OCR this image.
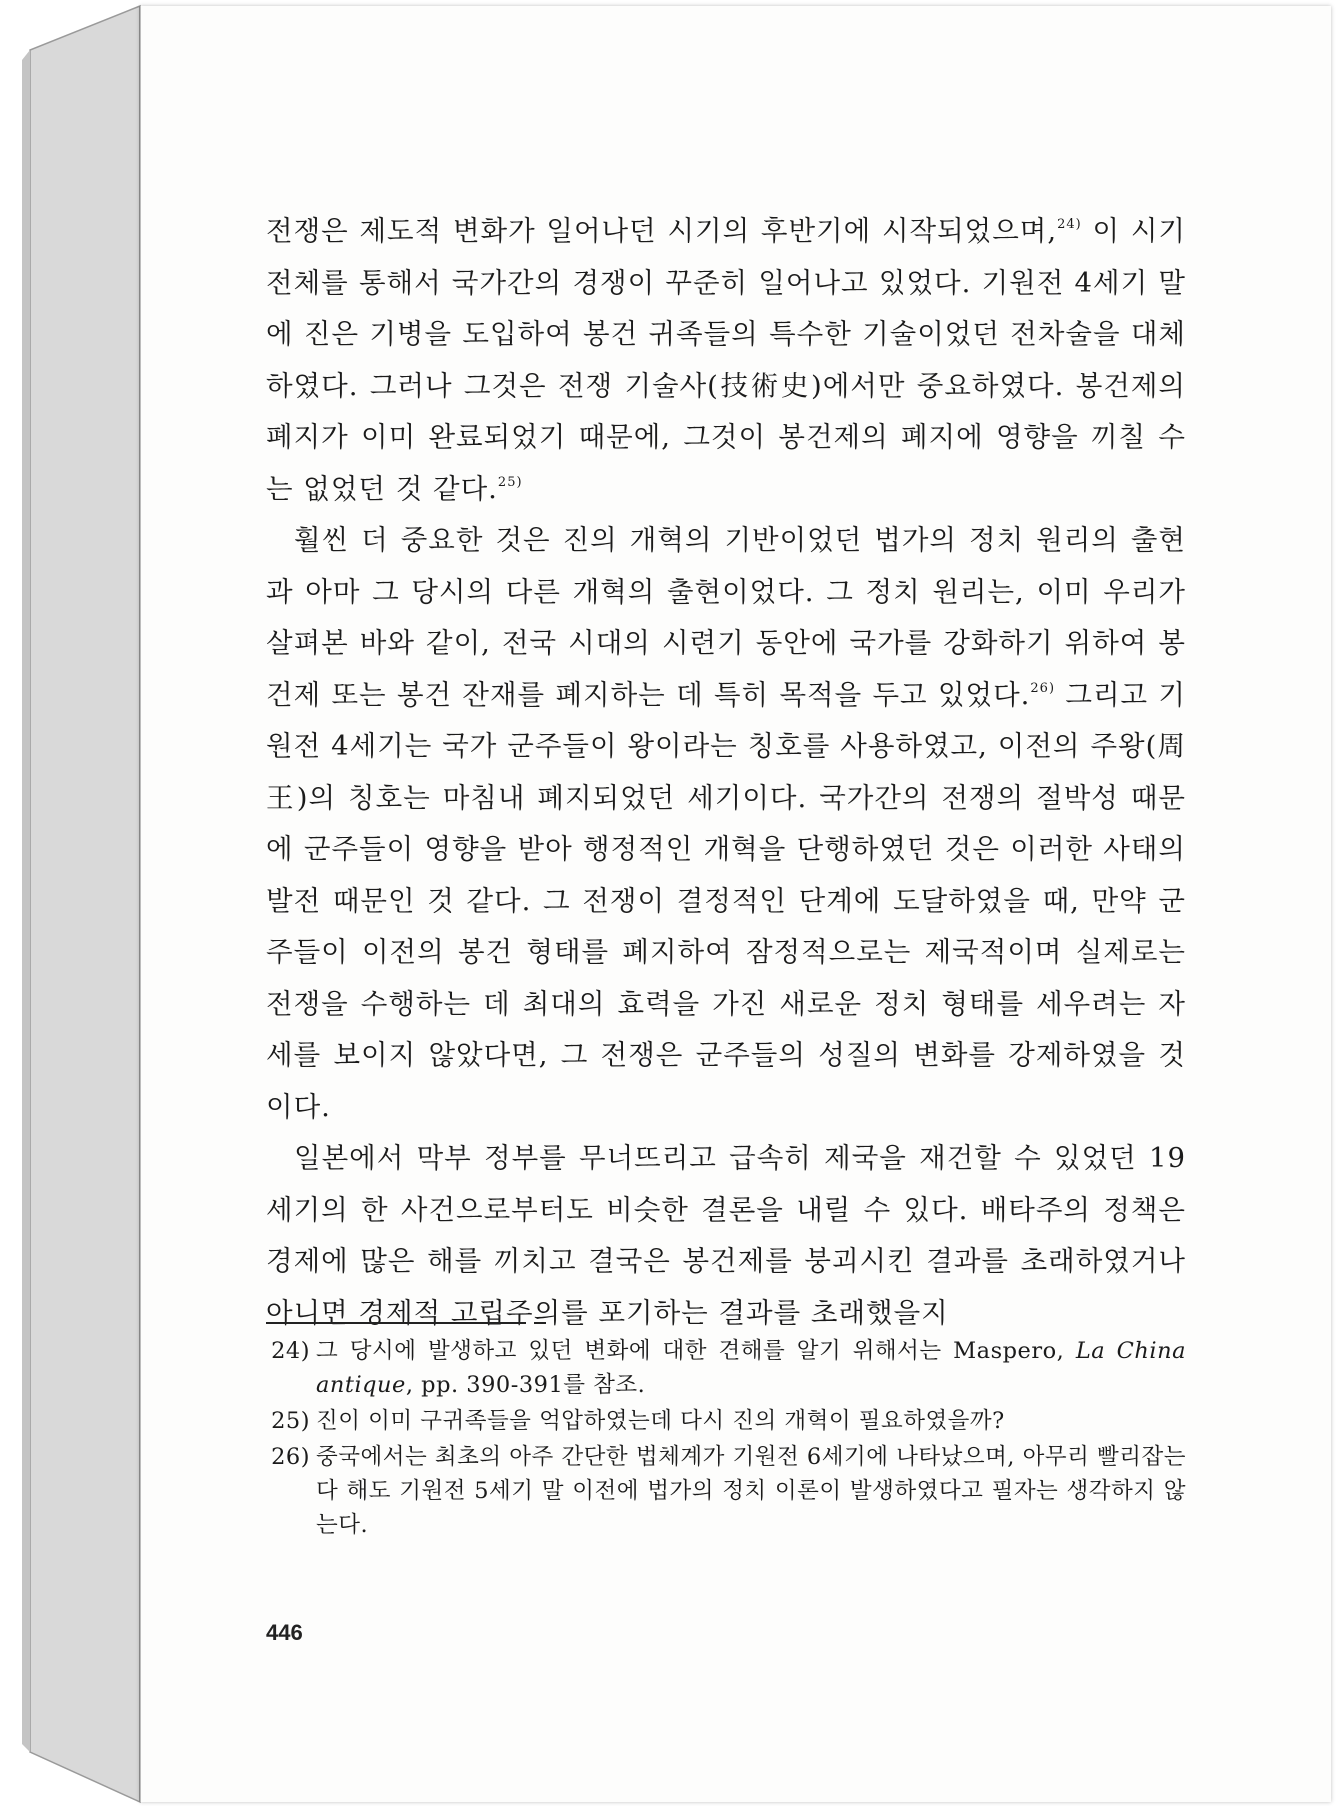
전쟁은 제도적 변화가 일어나던 시기의 후반기에 시작되었으며,$^{24)}$ 이 시기 전체를 통해서 국가간의 경쟁이 꾸준히 일어나고 있었다. 기원전 4세기 말에 진은 기병을 도입하여 봉건 귀족들의 특수한 기술이었던 전차술을 대체하였다. 그러나 그것은 전쟁 기술사(技術史)에서만 중요하였다. 봉건제의 폐지가 이미 완료되었기 때문에, 그것이 봉건제의 폐지에 영향을 끼칠 수는 없었던 것 같다.$^{25)}$

훨씬 더 중요한 것은 진의 개혁의 기반이었던 법가의 정치 원리의 출현과 아마 그 당시의 다른 개혁의 출현이었다. 그 정치 원리는, 이미 우리가 살펴본 바와 같이, 전국 시대의 시련기 동안에 국가를 강화하기 위하여 봉건제 또는 봉건 잔재를 폐지하는 데 특히 목적을 두고 있었다.$^{26)}$ 그리고 기원전 4세기는 국가 군주들이 왕이라는 칭호를 사용하였고, 이전의 주왕(周王)의 칭호는 마침내 폐지되었던 세기이다. 국가간의 전쟁의 절박성 때문에 군주들이 영향을 받아 행정적인 개혁을 단행하였던 것은 이러한 사태의 발전 때문인 것 같다. 그 전쟁이 결정적인 단계에 도달하였을 때, 만약 군주들이 이전의 봉건 형태를 폐지하여 잠정적으로는 제국적이며 실제로는 전쟁을 수행하는 데 최대의 효력을 가진 새로운 정치 형태를 세우려는 자세를 보이지 않았다면, 그 전쟁은 군주들의 성질의 변화를 강제하였을 것이다.

일본에서 막부 정부를 무너뜨리고 급속히 제국을 재건할 수 있었던 19세기의 한 사건으로부터도 비슷한 결론을 내릴 수 있다. 배타주의 정책은 경제에 많은 해를 끼치고 결국은 봉건제를 붕괴시킨 결과를 초래하였거나 아니면 경제적 고립주의를 포기하는 결과를 초래했을지

24) 그 당시에 발생하고 있던 변화에 대한 견해를 알기 위해서는 Maspero, La China antique, pp. 390-391를 참조.
25) 진이 이미 구귀족들을 억압하였는데 다시 진의 개혁이 필요하였을까?
26) 중국에서는 최초의 아주 간단한 법체계가 기원전 6세기에 나타났으며, 아무리 빨리잡는다 해도 기원전 5세기 말 이전에 법가의 정치 이론이 발생하였다고 필자는 생각하지 않는다.
446
